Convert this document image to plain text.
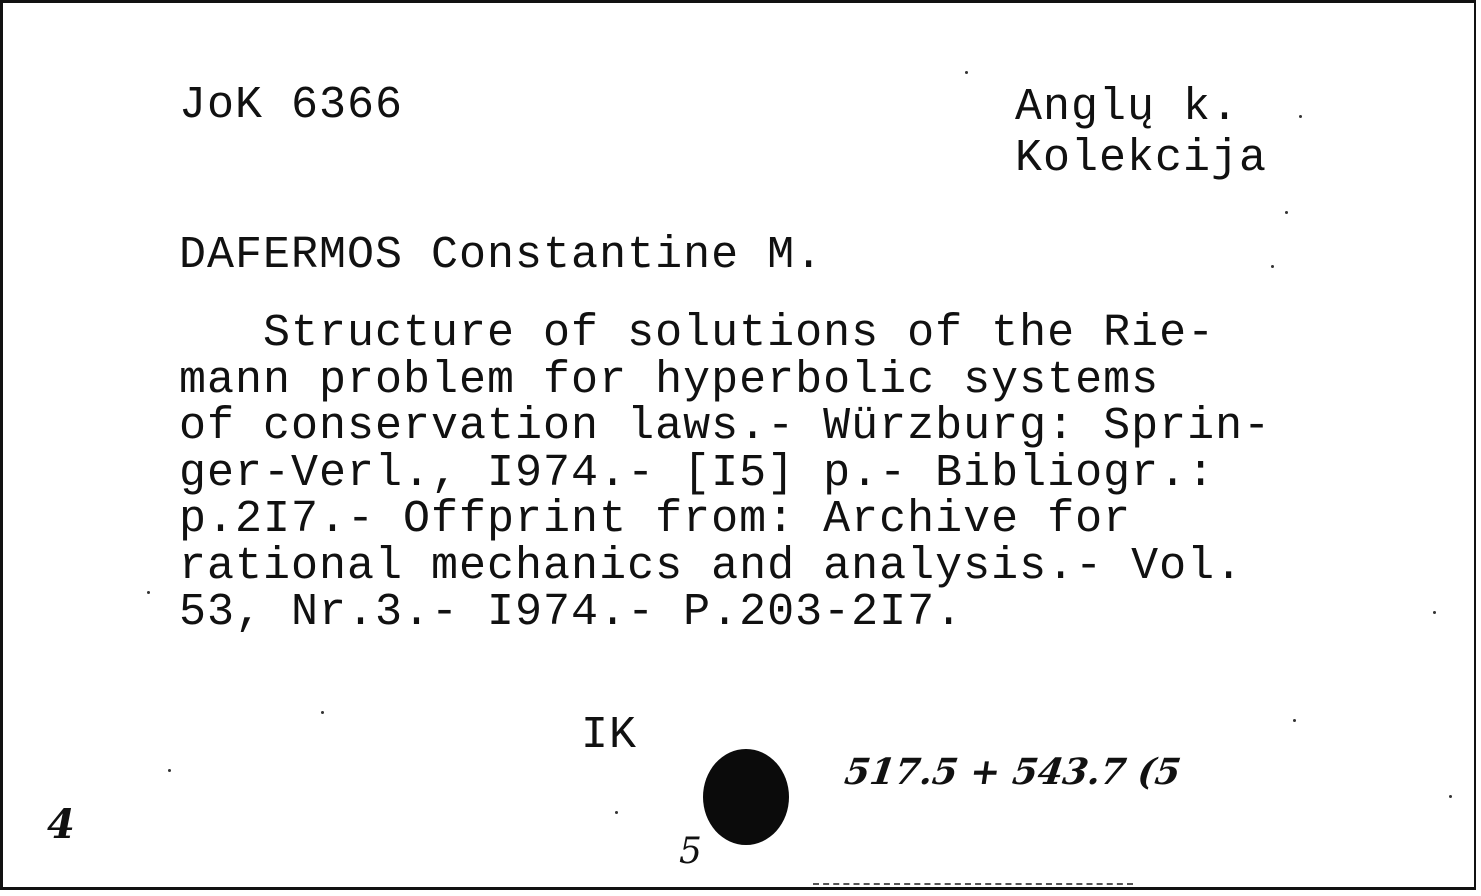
JoK 6366	Anglų k.
Kolekcija
DAFERMOS Constantine M.
Structure of solutions of the Rie-
mann problem for hyperbolic systems
of conservation laws.- Würzburg: Sprin-
ger-Verl., I974.- [I5] p.- Bibliogr.:
p.2I7.- Offprint from: Archive for
rational mechanics and analysis.- Vol.
53, Nr.3.- I974.- P.203-2I7.
IK
517.5 + 543.7 (5
4
5
